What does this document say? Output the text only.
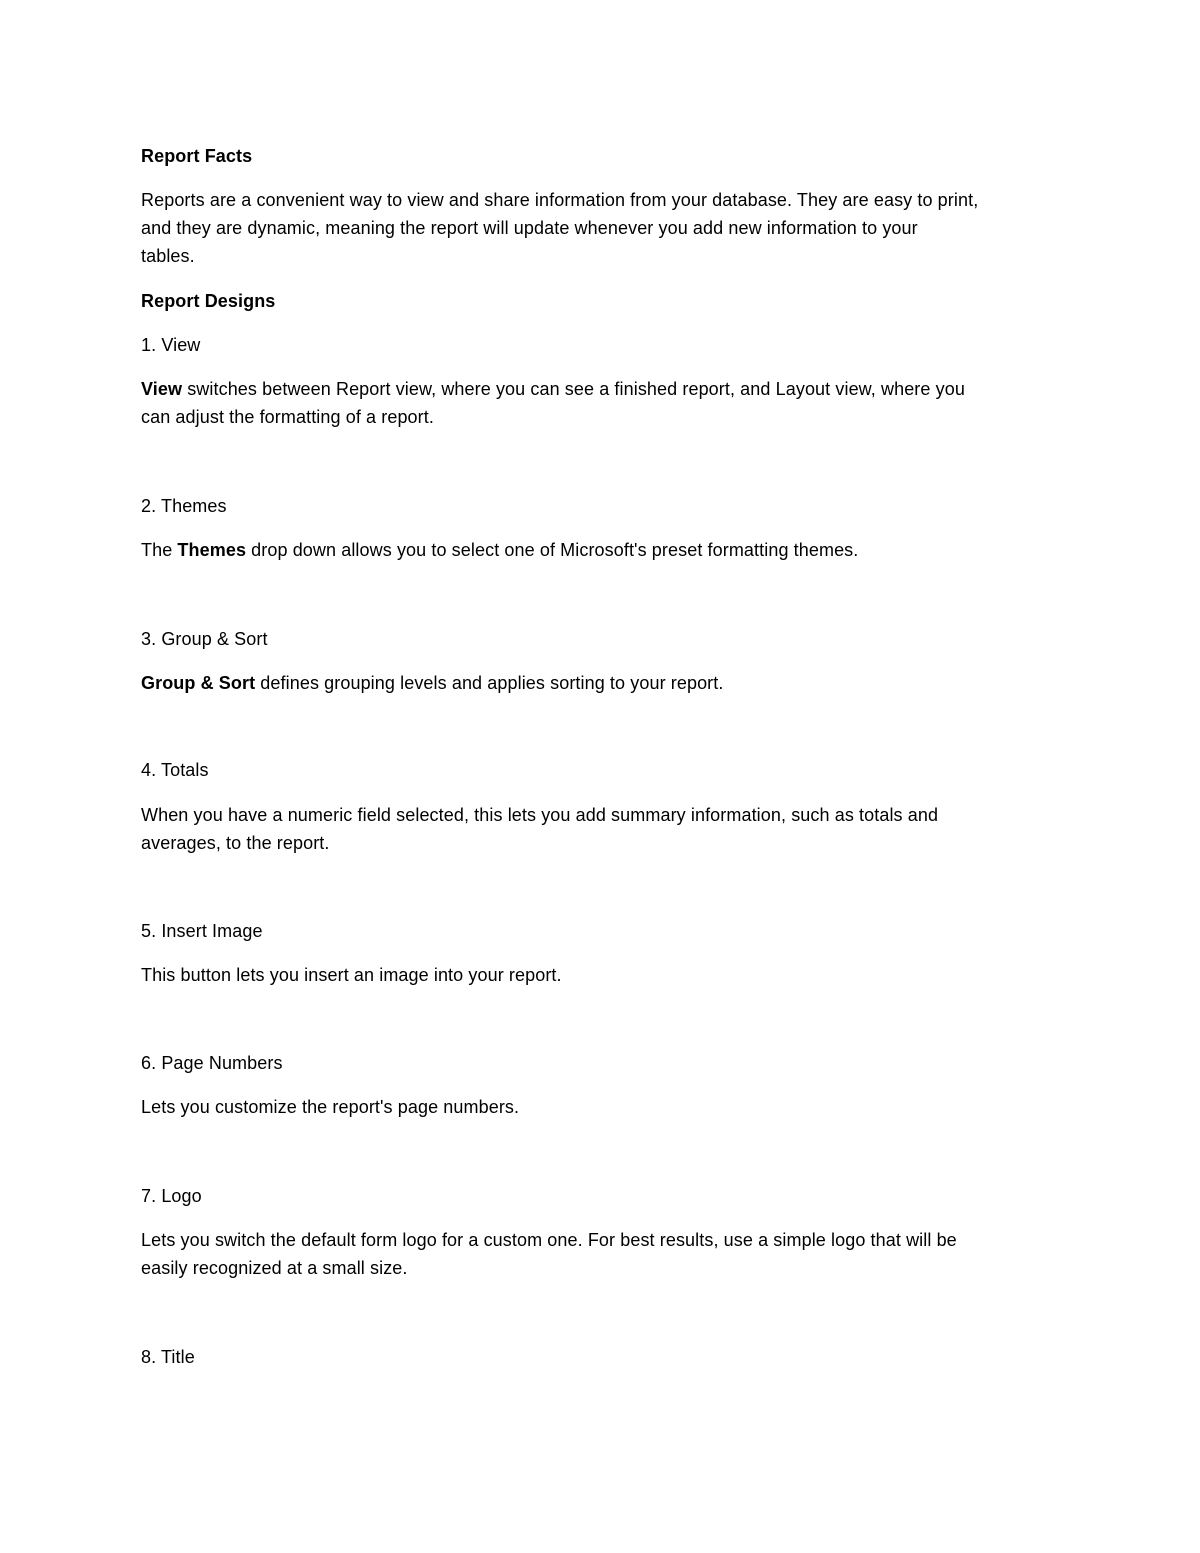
Report Facts

Reports are a convenient way to view and share information from your database. They are easy to print,

and they are dynamic, meaning the report will update whenever you add new information to your

tables.

Report Designs

1. View

View switches between Report view, where you can see a finished report, and Layout view, where you

can adjust the formatting of a report.

2. Themes

The Themes drop down allows you to select one of Microsoft's preset formatting themes.

3. Group & Sort

Group & Sort defines grouping levels and applies sorting to your report.

4. Totals

When you have a numeric field selected, this lets you add summary information, such as totals and

averages, to the report.

5. Insert Image

This button lets you insert an image into your report.

6. Page Numbers

Lets you customize the report's page numbers.

7. Logo

Lets you switch the default form logo for a custom one. For best results, use a simple logo that will be

easily recognized at a small size.

8. Title
